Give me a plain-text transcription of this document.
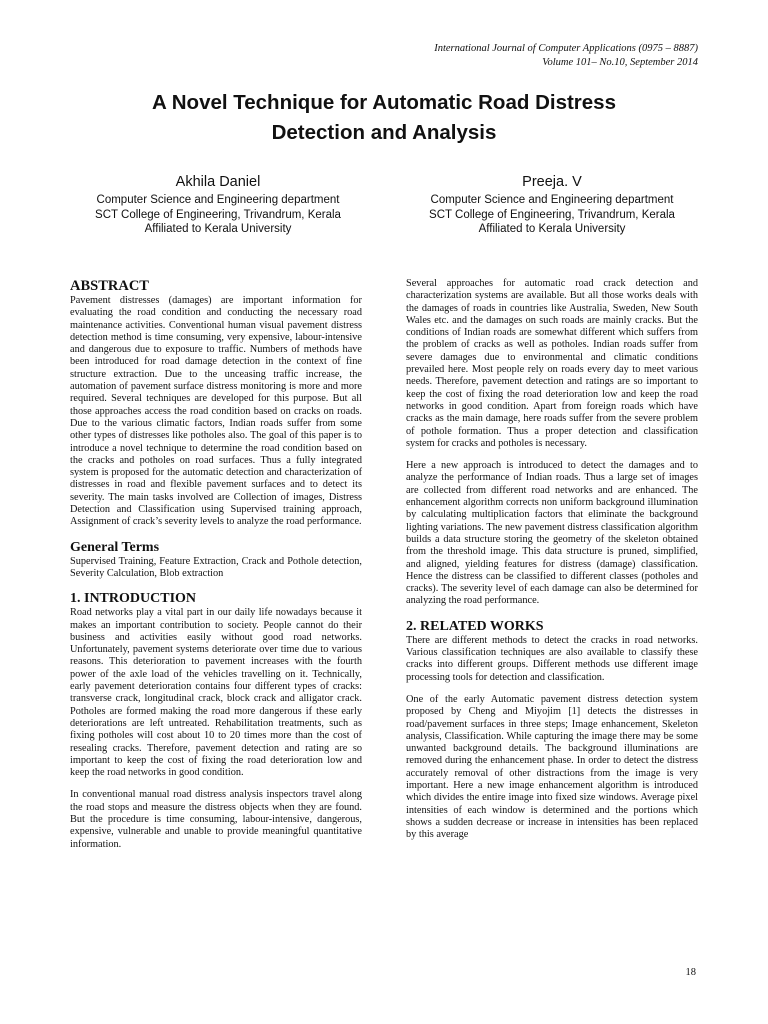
International Journal of Computer Applications (0975 – 8887)
Volume 101– No.10, September 2014
A Novel Technique for Automatic Road Distress
Detection and Analysis
Akhila Daniel
Computer Science and Engineering department
SCT College of Engineering, Trivandrum, Kerala
Affiliated to Kerala University
Preeja. V
Computer Science and Engineering department
SCT College of Engineering, Trivandrum, Kerala
Affiliated to Kerala University
ABSTRACT

Pavement distresses (damages) are important information for evaluating the road condition and conducting the necessary road maintenance activities. Conventional human visual pavement distress detection method is time consuming, very expensive, labour-intensive and dangerous due to exposure to traffic. Numbers of methods have been introduced for road damage detection in the context of fine structure extraction. Due to the unceasing traffic increase, the automation of pavement surface distress monitoring is more and more required. Several techniques are developed for this purpose. But all those approaches access the road condition based on cracks on roads. Due to the various climatic factors, Indian roads suffer from some other types of distresses like potholes also. The goal of this paper is to introduce a novel technique to determine the road condition based on the cracks and potholes on road surfaces. Thus a fully integrated system is proposed for the automatic detection and characterization of distresses in road and flexible pavement surfaces and to detect its severity. The main tasks involved are Collection of images, Distress Detection and Classification using Supervised training approach, Assignment of crack’s severity levels to analyze the road performance.

General Terms

Supervised Training, Feature Extraction, Crack and Pothole detection, Severity Calculation, Blob extraction

1. INTRODUCTION

Road networks play a vital part in our daily life nowadays because it makes an important contribution to society. People cannot do their business and activities easily without good road networks. Unfortunately, pavement systems deteriorate over time due to various reasons. This deterioration to pavement increases with the fourth power of the axle load of the vehicles travelling on it. Technically, early pavement deterioration contains four different types of cracks: transverse crack, longitudinal crack, block crack and alligator crack. Potholes are formed making the road more dangerous if these early deteriorations are left untreated. Rehabilitation treatments, such as fixing potholes will cost about 10 to 20 times more than the cost of resealing cracks. Therefore, pavement detection and rating are so important to keep the cost of fixing the road deterioration low and keep the road networks in good condition.

In conventional manual road distress analysis inspectors travel along the road stops and measure the distress objects when they are found. But the procedure is time consuming, labour-intensive, dangerous, expensive, vulnerable and unable to provide meaningful quantitative information.

Several approaches for automatic road crack detection and characterization systems are available. But all those works deals with the damages of roads in countries like Australia, Sweden, New South Wales etc. and the damages on such roads are mainly cracks. But the conditions of Indian roads are somewhat different which suffers from the problem of cracks as well as potholes. Indian roads suffer from severe damages due to environmental and climatic conditions prevailed here. Most people rely on roads every day to meet various needs. Therefore, pavement detection and ratings are so important to keep the cost of fixing the road deterioration low and keep the road networks in good condition. Apart from foreign roads which have cracks as the main damage, here roads suffer from the severe problem of pothole formation. Thus a proper detection and classification system for cracks and potholes is necessary.

Here a new approach is introduced to detect the damages and to analyze the performance of Indian roads. Thus a large set of images are collected from different road networks and are enhanced. The enhancement algorithm corrects non uniform background illumination by calculating multiplication factors that eliminate the background lighting variations. The new pavement distress classification algorithm builds a data structure storing the geometry of the skeleton obtained from the threshold image. This data structure is pruned, simplified, and aligned, yielding features for distress (damage) classification. Hence the distress can be classified to different classes (potholes and cracks). The severity level of each damage can also be determined for analyzing the road performance.

2. RELATED WORKS

There are different methods to detect the cracks in road networks. Various classification techniques are also available to classify these cracks into different groups. Different methods use different image processing tools for detection and classification.

One of the early Automatic pavement distress detection system proposed by Cheng and Miyojim [1] detects the distresses in road/pavement surfaces in three steps; Image enhancement, Skeleton analysis, Classification. While capturing the image there may be some unwanted background details. The background illuminations are removed during the enhancement phase. In order to detect the distress accurately removal of other distractions from the image is very important. Here a new image enhancement algorithm is introduced which divides the entire image into fixed size windows. Average pixel intensities of each window is determined and the portions which shows a sudden decrease or increase in intensities has been replaced by this average

18
